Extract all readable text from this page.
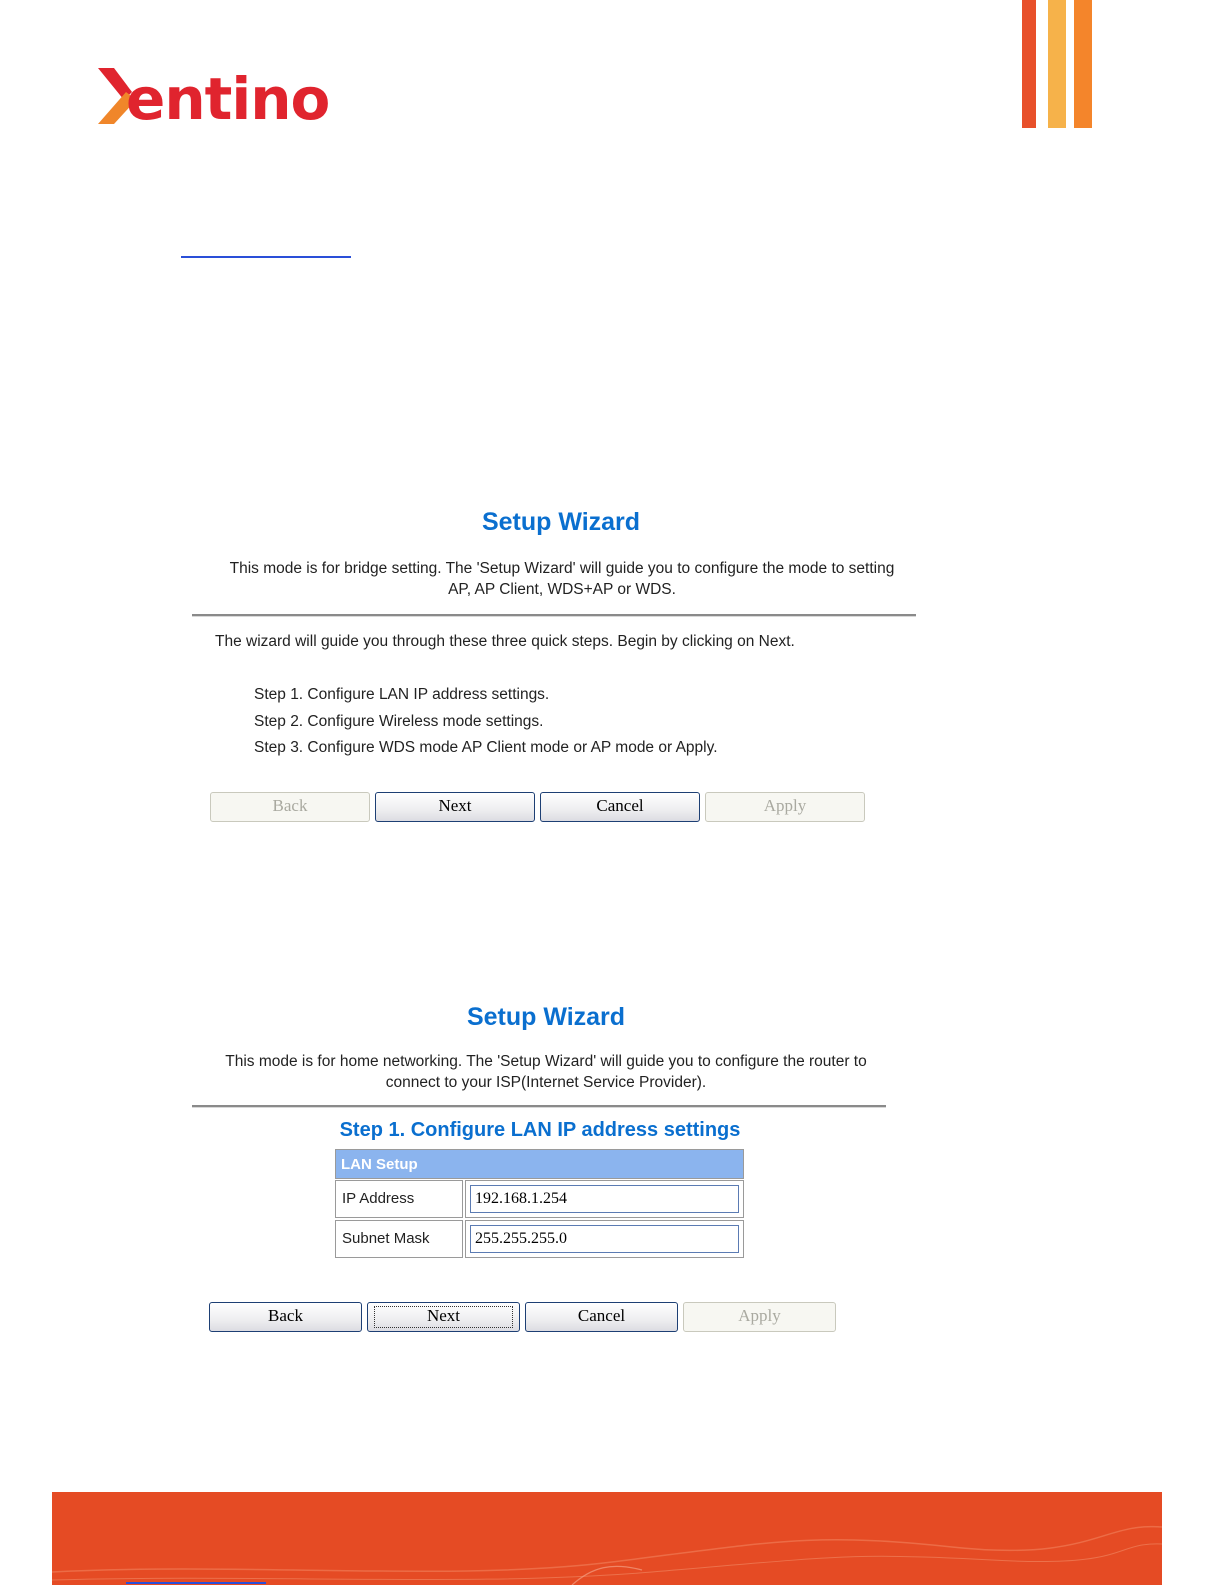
entino
Setup Wizard
This mode is for bridge setting. The 'Setup Wizard' will guide you to configure the mode to setting
AP, AP Client, WDS+AP or WDS.
The wizard will guide you through these three quick steps. Begin by clicking on Next.
Step 1. Configure LAN IP address settings.
Step 2. Configure Wireless mode settings.
Step 3. Configure WDS mode AP Client mode or AP mode or Apply.
Back	Next	Cancel	Apply
Setup Wizard
This mode is for home networking. The 'Setup Wizard' will guide you to configure the router to
connect to your ISP(Internet Service Provider).
Step 1. Configure LAN IP address settings
LAN Setup
IP Address	192.168.1.254
Subnet Mask	255.255.255.0
Back	Next	Cancel	Apply
